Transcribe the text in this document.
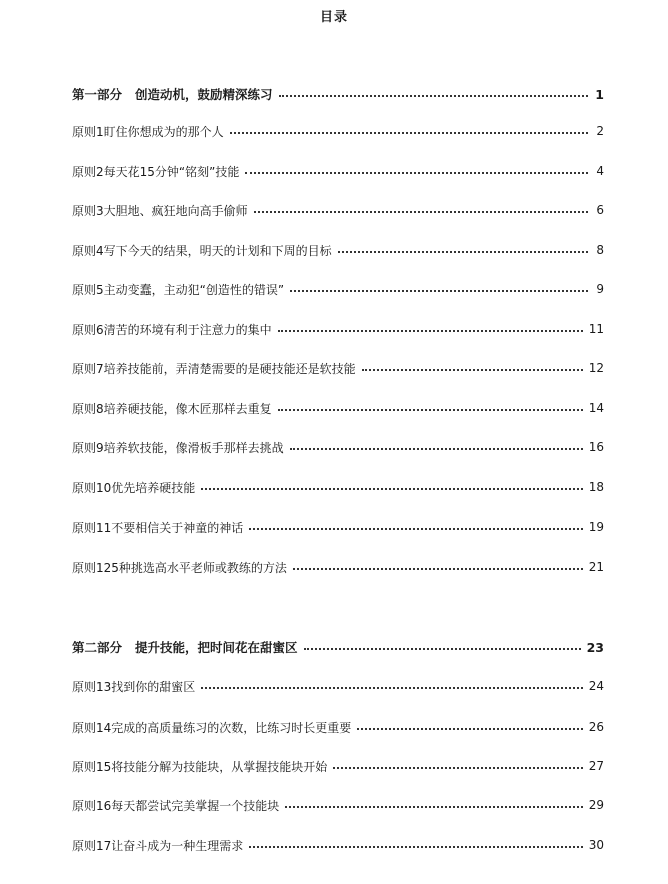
目录
第一部分   创造动机，鼓励精深练习	1
原则1盯住你想成为的那个人	2
原则2每天花15分钟“铭刻”技能	4
原则3大胆地、疯狂地向高手偷师	6
原则4写下今天的结果，明天的计划和下周的目标	8
原则5主动变蠢，主动犯“创造性的错误”	9
原则6清苦的环境有利于注意力的集中	11
原则7培养技能前，弄清楚需要的是硬技能还是软技能	12
原则8培养硬技能，像木匠那样去重复	14
原则9培养软技能，像滑板手那样去挑战	16
原则10优先培养硬技能	18
原则11不要相信关于神童的神话	19
原则125种挑选高水平老师或教练的方法	21
第二部分   提升技能，把时间花在甜蜜区	23
原则13找到你的甜蜜区	24
原则14完成的高质量练习的次数，比练习时长更重要	26
原则15将技能分解为技能块，从掌握技能块开始	27
原则16每天都尝试完美掌握一个技能块	29
原则17让奋斗成为一种生理需求	30
